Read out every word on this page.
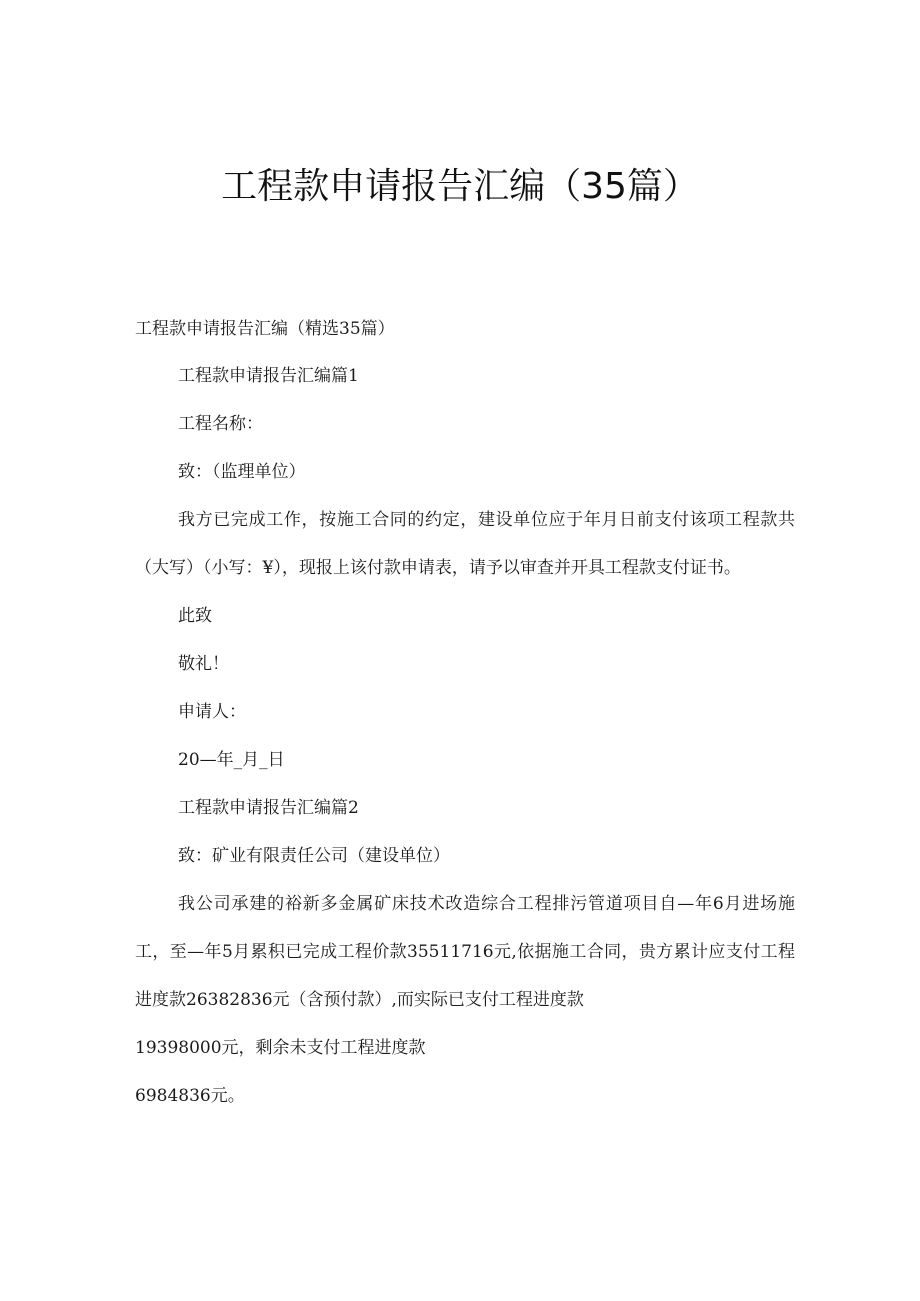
工程款申请报告汇编（35篇）

工程款申请报告汇编（精选35篇）

工程款申请报告汇编篇1

工程名称：

致：（监理单位）

我方已完成工作，按施工合同的约定，建设单位应于年月日前支付该项工程款共（大写）（小写：¥），现报上该付款申请表，请予以审查并开具工程款支付证书。

此致

敬礼！

申请人：

20—年_月_日

工程款申请报告汇编篇2

致：矿业有限责任公司（建设单位）

我公司承建的裕新多金属矿床技术改造综合工程排污管道项目自—年6月进场施工，至—年5月累积已完成工程价款35511716元,依据施工合同，贵方累计应支付工程进度款26382836元（含预付款）,而实际已支付工程进度款

19398000元，剩余未支付工程进度款

6984836元。
